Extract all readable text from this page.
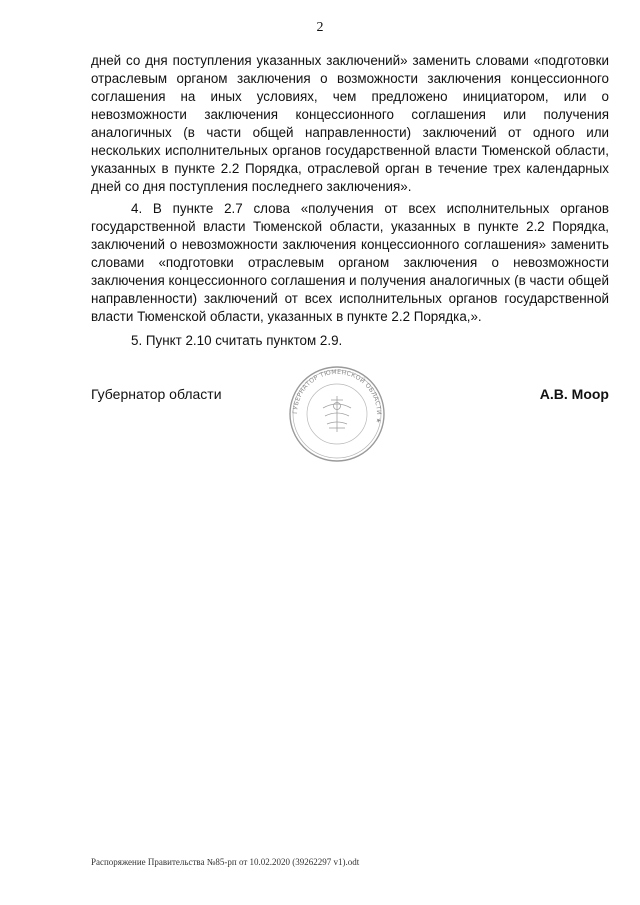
2

дней со дня поступления указанных заключений» заменить словами «подготовки отраслевым органом заключения о возможности заключения концессионного соглашения на иных условиях, чем предложено инициатором, или о невозможности заключения концессионного соглашения или получения аналогичных (в части общей направленности) заключений от одного или нескольких исполнительных органов государственной власти Тюменской области, указанных в пункте 2.2 Порядка, отраслевой орган в течение трех календарных дней со дня поступления последнего заключения».

4. В пункте 2.7 слова «получения от всех исполнительных органов государственной власти Тюменской области, указанных в пункте 2.2 Порядка, заключений о невозможности заключения концессионного соглашения» заменить словами «подготовки отраслевым органом заключения о невозможности заключения концессионного соглашения и получения аналогичных (в части общей направленности) заключений от всех исполнительных органов государственной власти Тюменской области, указанных в пункте 2.2 Порядка,».

5. Пункт 2.10 считать пунктом 2.9.

Губернатор области	А.В. Моор
ГУБЕРНАТОР ТЮМЕНСКОЙ ОБЛАСТИ ★
Распоряжение Правительства №85-рп от 10.02.2020 (39262297 v1).odt
